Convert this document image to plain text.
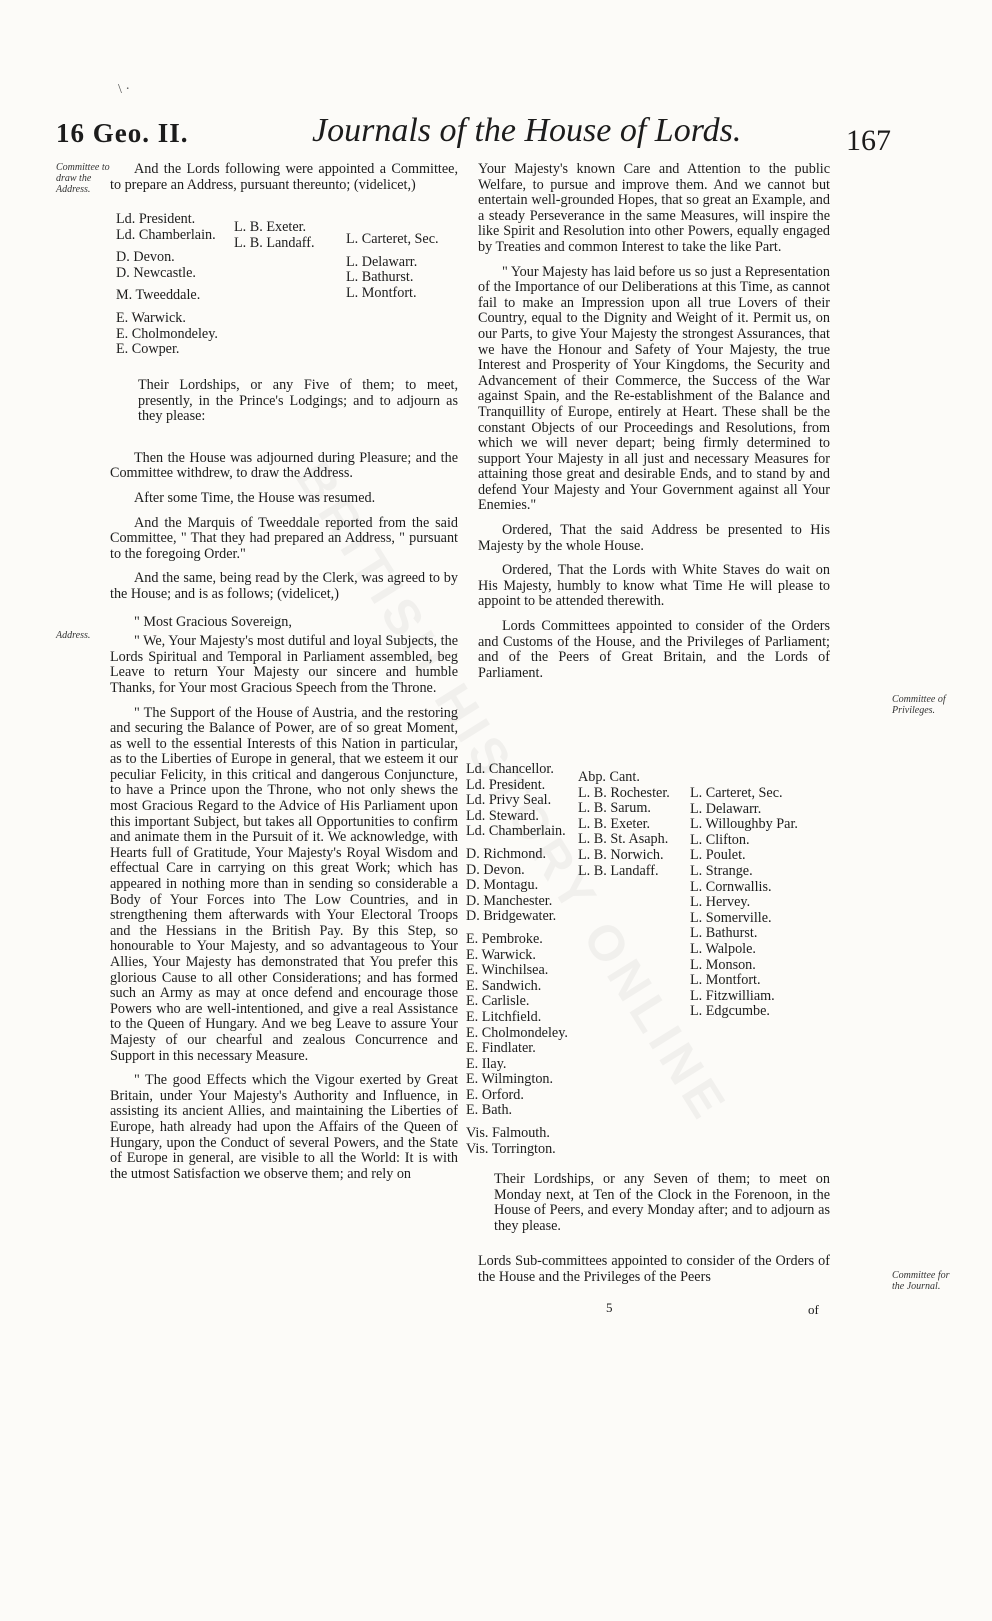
\ ·
16 Geo. II.	Journals of the House of Lords.	167
Committee to draw the Address.
Address.
Committee of Privileges.
Committee for the Journal.

And the Lords following were appointed a Committee, to prepare an Address, pursuant thereunto; (videlicet,)

Ld. President.
Ld. Chamberlain.
D. Devon.
D. Newcastle.
M. Tweeddale.
E. Warwick.
E. Cholmondeley.
E. Cowper.
L. B. Exeter.
L. B. Landaff.	L. Carteret, Sec.
L. Delawarr.
L. Bathurst.
L. Montfort.

Their Lordships, or any Five of them; to meet, presently, in the Prince's Lodgings; and to adjourn as they please:

Then the House was adjourned during Pleasure; and the Committee withdrew, to draw the Address.

After some Time, the House was resumed.

And the Marquis of Tweeddale reported from the said Committee, " That they had prepared an Address, " pursuant to the foregoing Order."

And the same, being read by the Clerk, was agreed to by the House; and is as follows; (videlicet,)

" Most Gracious Sovereign,

" We, Your Majesty's most dutiful and loyal Subjects, the Lords Spiritual and Temporal in Parliament assembled, beg Leave to return Your Majesty our sincere and humble Thanks, for Your most Gracious Speech from the Throne.

" The Support of the House of Austria, and the restoring and securing the Balance of Power, are of so great Moment, as well to the essential Interests of this Nation in particular, as to the Liberties of Europe in general, that we esteem it our peculiar Felicity, in this critical and dangerous Conjuncture, to have a Prince upon the Throne, who not only shews the most Gracious Regard to the Advice of His Parliament upon this important Subject, but takes all Opportunities to confirm and animate them in the Pursuit of it. We acknowledge, with Hearts full of Gratitude, Your Majesty's Royal Wisdom and effectual Care in carrying on this great Work; which has appeared in nothing more than in sending so considerable a Body of Your Forces into The Low Countries, and in strengthening them afterwards with Your Electoral Troops and the Hessians in the British Pay. By this Step, so honourable to Your Majesty, and so advantageous to Your Allies, Your Majesty has demonstrated that You prefer this glorious Cause to all other Considerations; and has formed such an Army as may at once defend and encourage those Powers who are well-intentioned, and give a real Assistance to the Queen of Hungary. And we beg Leave to assure Your Majesty of our chearful and zealous Concurrence and Support in this necessary Measure.

" The good Effects which the Vigour exerted by Great Britain, under Your Majesty's Authority and Influence, in assisting its ancient Allies, and maintaining the Liberties of Europe, hath already had upon the Affairs of the Queen of Hungary, upon the Conduct of several Powers, and the State of Europe in general, are visible to all the World: It is with the utmost Satisfaction we observe them; and rely on

Your Majesty's known Care and Attention to the public Welfare, to pursue and improve them. And we cannot but entertain well-grounded Hopes, that so great an Example, and a steady Perseverance in the same Measures, will inspire the like Spirit and Resolution into other Powers, equally engaged by Treaties and common Interest to take the like Part.

" Your Majesty has laid before us so just a Representation of the Importance of our Deliberations at this Time, as cannot fail to make an Impression upon all true Lovers of their Country, equal to the Dignity and Weight of it. Permit us, on our Parts, to give Your Majesty the strongest Assurances, that we have the Honour and Safety of Your Majesty, the true Interest and Prosperity of Your Kingdoms, the Security and Advancement of their Commerce, the Success of the War against Spain, and the Re-establishment of the Balance and Tranquillity of Europe, entirely at Heart. These shall be the constant Objects of our Proceedings and Resolutions, from which we will never depart; being firmly determined to support Your Majesty in all just and necessary Measures for attaining those great and desirable Ends, and to stand by and defend Your Majesty and Your Government against all Your Enemies."

Ordered, That the said Address be presented to His Majesty by the whole House.

Ordered, That the Lords with White Staves do wait on His Majesty, humbly to know what Time He will please to appoint to be attended therewith.

Lords Committees appointed to consider of the Orders and Customs of the House, and the Privileges of Parliament; and of the Peers of Great Britain, and the Lords of Parliament.

Ld. Chancellor.
Ld. President.
Ld. Privy Seal.
Ld. Steward.
Ld. Chamberlain.
D. Richmond.
D. Devon.
D. Montagu.
D. Manchester.
D. Bridgewater.
E. Pembroke.
E. Warwick.
E. Winchilsea.
E. Sandwich.
E. Carlisle.
E. Litchfield.
E. Cholmondeley.
E. Findlater.
E. Ilay.
E. Wilmington.
E. Orford.
E. Bath.
Vis. Falmouth.
Vis. Torrington.
Abp. Cant.
L. B. Rochester.
L. B. Sarum.
L. B. Exeter.
L. B. St. Asaph.
L. B. Norwich.
L. B. Landaff.
L. Carteret, Sec.
L. Delawarr.
L. Willoughby Par.
L. Clifton.
L. Poulet.
L. Strange.
L. Cornwallis.
L. Hervey.
L. Somerville.
L. Bathurst.
L. Walpole.
L. Monson.
L. Montfort.
L. Fitzwilliam.
L. Edgcumbe.

Their Lordships, or any Seven of them; to meet on Monday next, at Ten of the Clock in the Forenoon, in the House of Peers, and every Monday after; and to adjourn as they please.

Lords Sub-committees appointed to consider of the Orders of the House and the Privileges of the Peers

5	of
